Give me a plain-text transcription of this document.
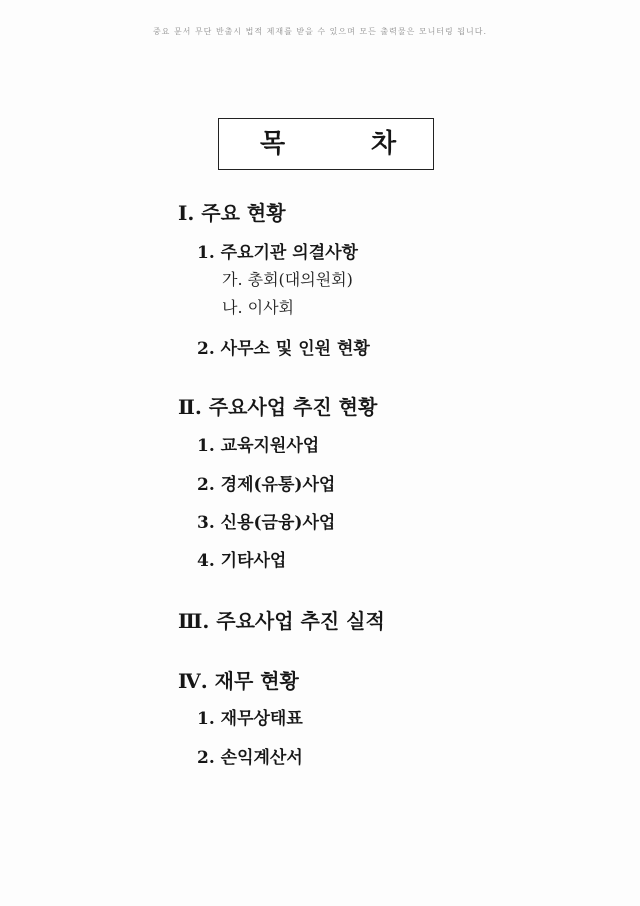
중요 문서 무단 반출시 법적 제재를 받을 수 있으며 모든 출력물은 모니터링 됩니다.
목	차
Ⅰ. 주요 현황
1. 주요기관 의결사항
가. 총회(대의원회)
나. 이사회
2. 사무소 및 인원 현황
Ⅱ. 주요사업 추진 현황
1. 교육지원사업
2. 경제(유통)사업
3. 신용(금융)사업
4. 기타사업
Ⅲ. 주요사업 추진 실적
Ⅳ. 재무 현황
1. 재무상태표
2. 손익계산서
